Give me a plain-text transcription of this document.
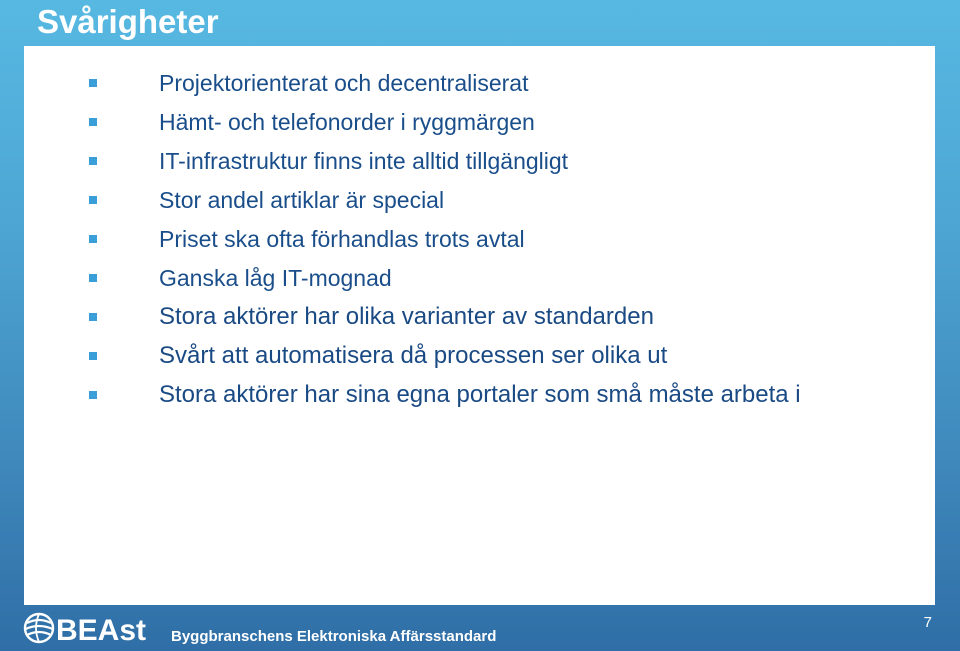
Svårigheter
Projektorienterat och decentraliserat
Hämt- och telefonorder i ryggmärgen
IT-infrastruktur finns inte alltid tillgängligt
Stor andel artiklar är special
Priset ska ofta förhandlas trots avtal
Ganska låg IT-mognad
Stora aktörer har olika varianter av standarden
Svårt att automatisera då processen ser olika ut
Stora aktörer har sina egna portaler som små måste arbeta i
BEAst Byggbranschens Elektroniska Affärsstandard
7
